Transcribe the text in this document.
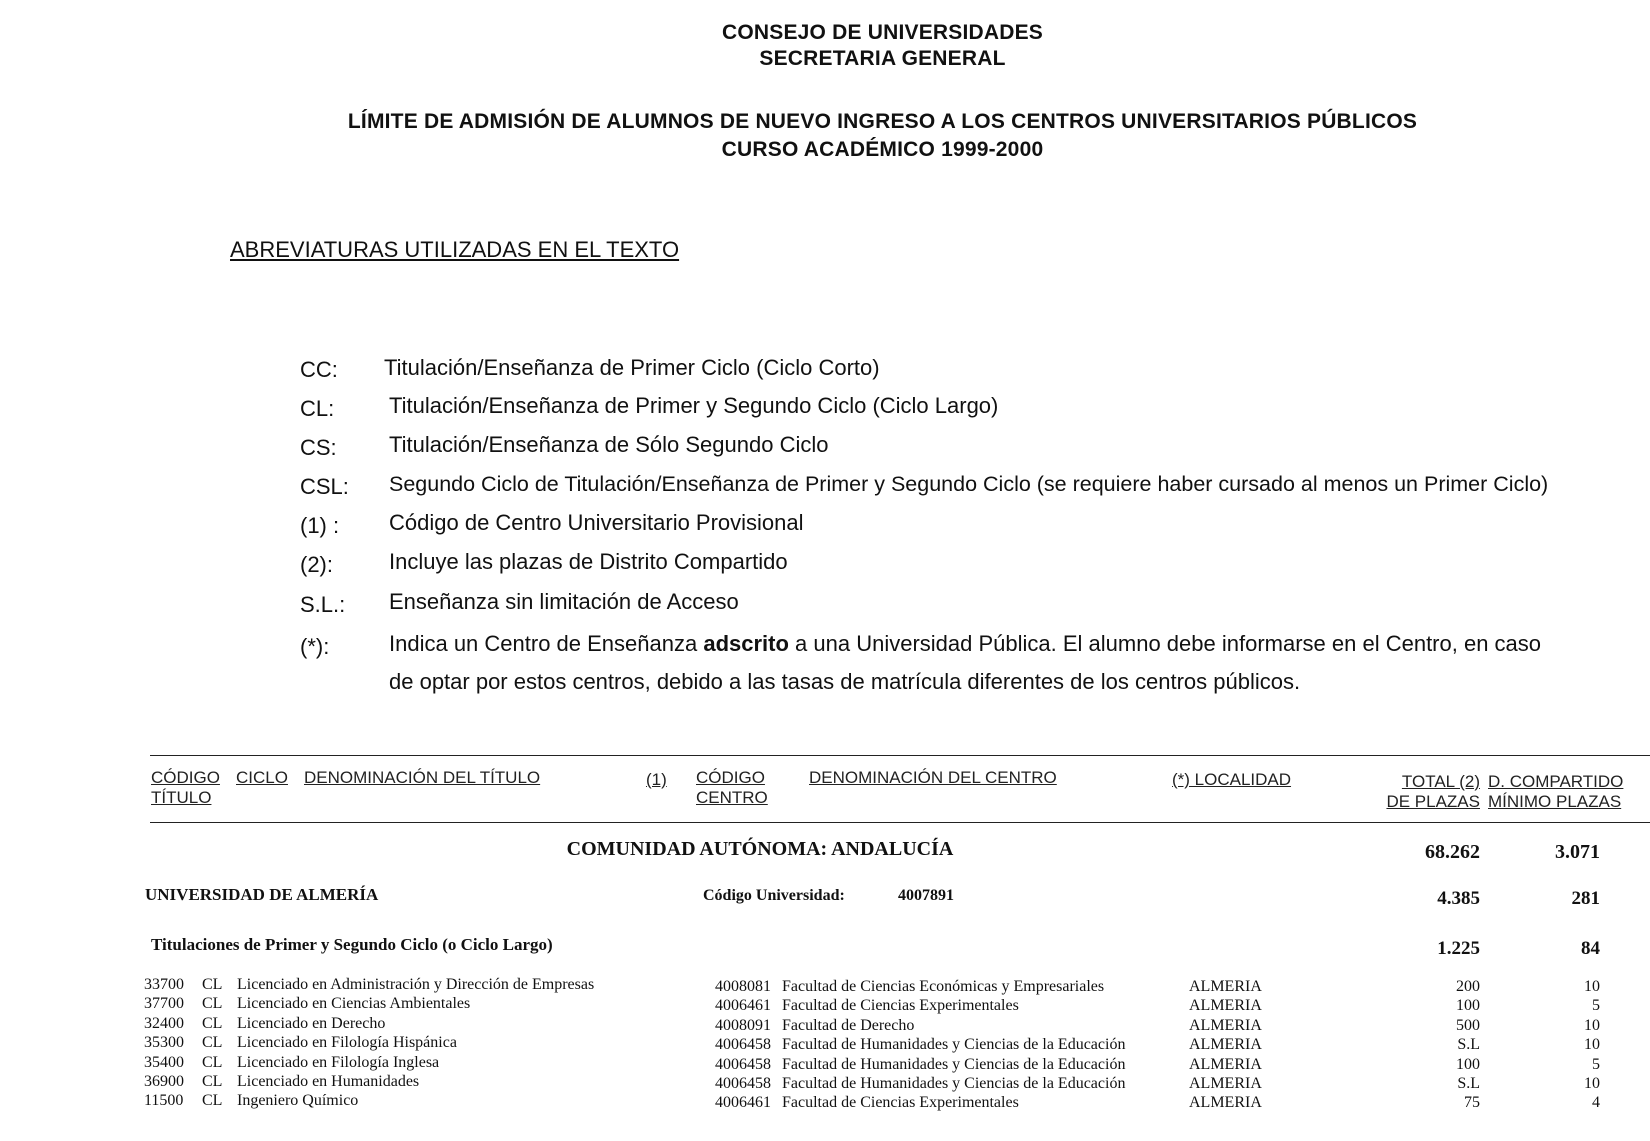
CONSEJO DE UNIVERSIDADES
SECRETARIA GENERAL
LÍMITE DE ADMISIÓN DE ALUMNOS DE NUEVO INGRESO A LOS CENTROS UNIVERSITARIOS PÚBLICOS
CURSO ACADÉMICO 1999-2000
ABREVIATURAS UTILIZADAS EN EL TEXTO
CC: Titulación/Enseñanza de Primer Ciclo (Ciclo Corto)
CL: Titulación/Enseñanza de Primer y Segundo Ciclo (Ciclo Largo)
CS: Titulación/Enseñanza de Sólo Segundo Ciclo
CSL: Segundo Ciclo de Titulación/Enseñanza de Primer y Segundo Ciclo (se requiere haber cursado al menos un Primer Ciclo)
(1) : Código de Centro Universitario Provisional
(2):	Incluye las plazas de Distrito Compartido
S.L.: Enseñanza sin limitación de Acceso
(*):	Indica un Centro de Enseñanza adscrito a una Universidad Pública. El alumno debe informarse en el Centro, en caso
de optar por estos centros, debido a las tasas de matrícula diferentes de los centros públicos.
CÓDIGO
TÍTULO
CICLO DENOMINACIÓN DEL TÍTULO	(1) CÓDIGO
CENTRO
DENOMINACIÓN DEL CENTRO	(*) LOCALIDAD	TOTAL (2)
DE PLAZAS
D. COMPARTIDO
MÍNIMO PLAZAS
COMUNIDAD AUTÓNOMA: ANDALUCÍA	68.262	3.071
UNIVERSIDAD DE ALMERÍA	Código Universidad:	4007891	4.385	281
Titulaciones de Primer y Segundo Ciclo (o Ciclo Largo)	1.225	84
33700 CL Licenciado en Administración y Dirección de Empresas	4008081 Facultad de Ciencias Económicas y Empresariales	ALMERIA	200	10
37700 CL Licenciado en Ciencias Ambientales	4006461 Facultad de Ciencias Experimentales	ALMERIA	100	5
32400 CL Licenciado en Derecho	4008091 Facultad de Derecho	ALMERIA	500	10
35300 CL Licenciado en Filología Hispánica	4006458 Facultad de Humanidades y Ciencias de la Educación	ALMERIA	S.L	10
35400 CL Licenciado en Filología Inglesa	4006458 Facultad de Humanidades y Ciencias de la Educación	ALMERIA	100	5
36900 CL Licenciado en Humanidades	4006458 Facultad de Humanidades y Ciencias de la Educación	ALMERIA	S.L	10
11500 CL Ingeniero Químico	4006461 Facultad de Ciencias Experimentales	ALMERIA	75	4
